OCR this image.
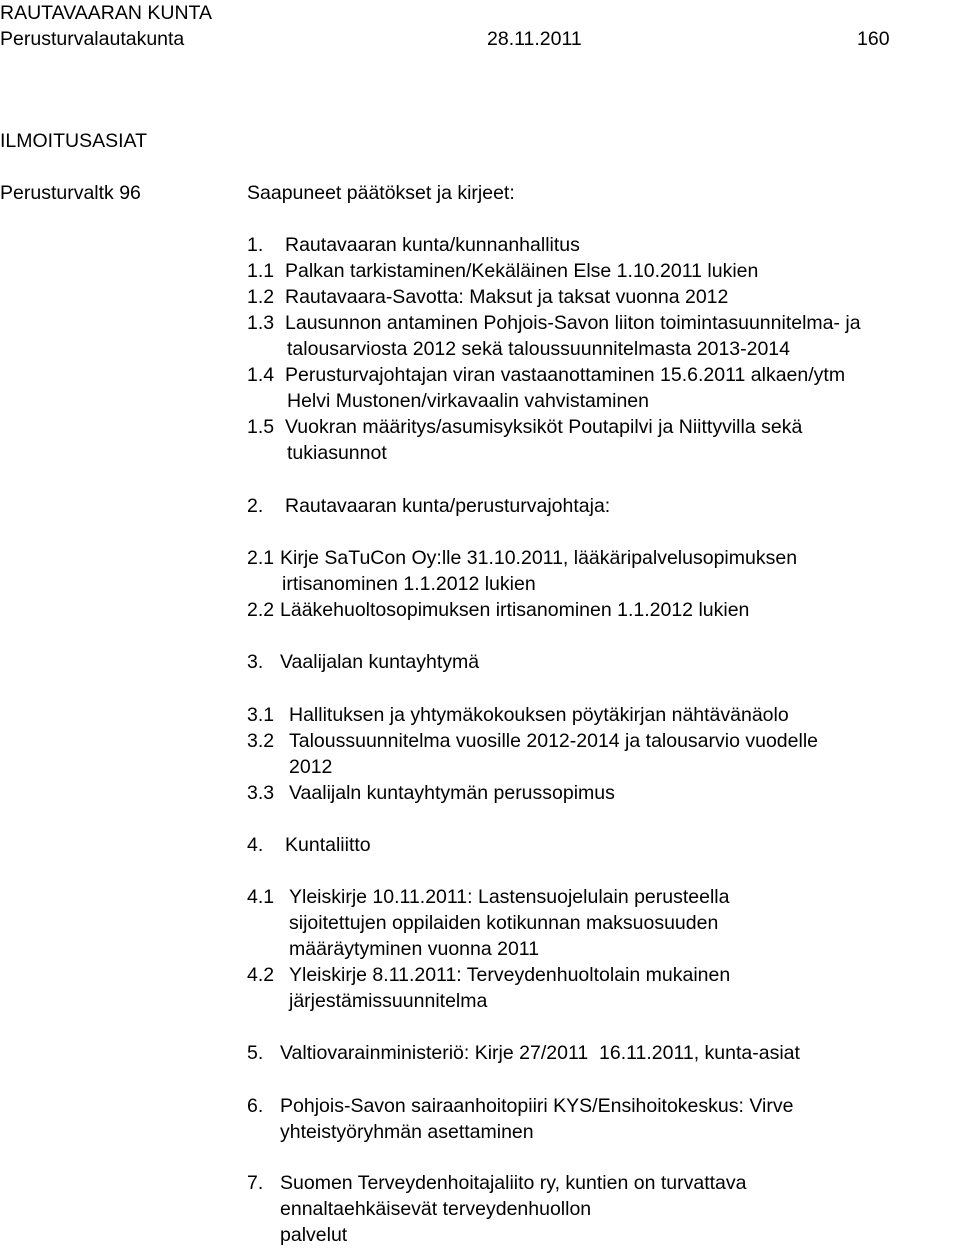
RAUTAVAARAN KUNTA
Perusturvalautakunta	28.11.2011	160
ILMOITUSASIAT
Perusturvaltk 96	Saapuneet päätökset ja kirjeet:
1. Rautavaaran kunta/kunnanhallitus
1.1 Palkan tarkistaminen/Kekäläinen Else 1.10.2011 lukien
1.2 Rautavaara-Savotta: Maksut ja taksat vuonna 2012
1.3 Lausunnon antaminen Pohjois-Savon liiton toimintasuunnitelma- ja
talousarviosta 2012 sekä taloussuunnitelmasta 2013-2014
1.4 Perusturvajohtajan viran vastaanottaminen 15.6.2011 alkaen/ytm
Helvi Mustonen/virkavaalin vahvistaminen
1.5 Vuokran määritys/asumisyksiköt Poutapilvi ja Niittyvilla sekä
tukiasunnot
2. Rautavaaran kunta/perusturvajohtaja:
2.1 Kirje SaTuCon Oy:lle 31.10.2011, lääkäripalvelusopimuksen
irtisanominen 1.1.2012 lukien
2.2 Lääkehuoltosopimuksen irtisanominen 1.1.2012 lukien
3. Vaalijalan kuntayhtymä
3.1 Hallituksen ja yhtymäkokouksen pöytäkirjan nähtävänäolo
3.2 Taloussuunnitelma vuosille 2012-2014 ja talousarvio vuodelle
2012
3.3 Vaalijaln kuntayhtymän perussopimus
4. Kuntaliitto
4.1 Yleiskirje 10.11.2011: Lastensuojelulain perusteella
sijoitettujen oppilaiden kotikunnan maksuosuuden
määräytyminen vuonna 2011
4.2 Yleiskirje 8.11.2011: Terveydenhuoltolain mukainen
järjestämissuunnitelma
5. Valtiovarainministeriö: Kirje 27/2011  16.11.2011, kunta-asiat
6. Pohjois-Savon sairaanhoitopiiri KYS/Ensihoitokeskus: Virve
yhteistyöryhmän asettaminen
7. Suomen Terveydenhoitajaliito ry, kuntien on turvattava
ennaltaehkäisevät terveydenhuollon
palvelut
